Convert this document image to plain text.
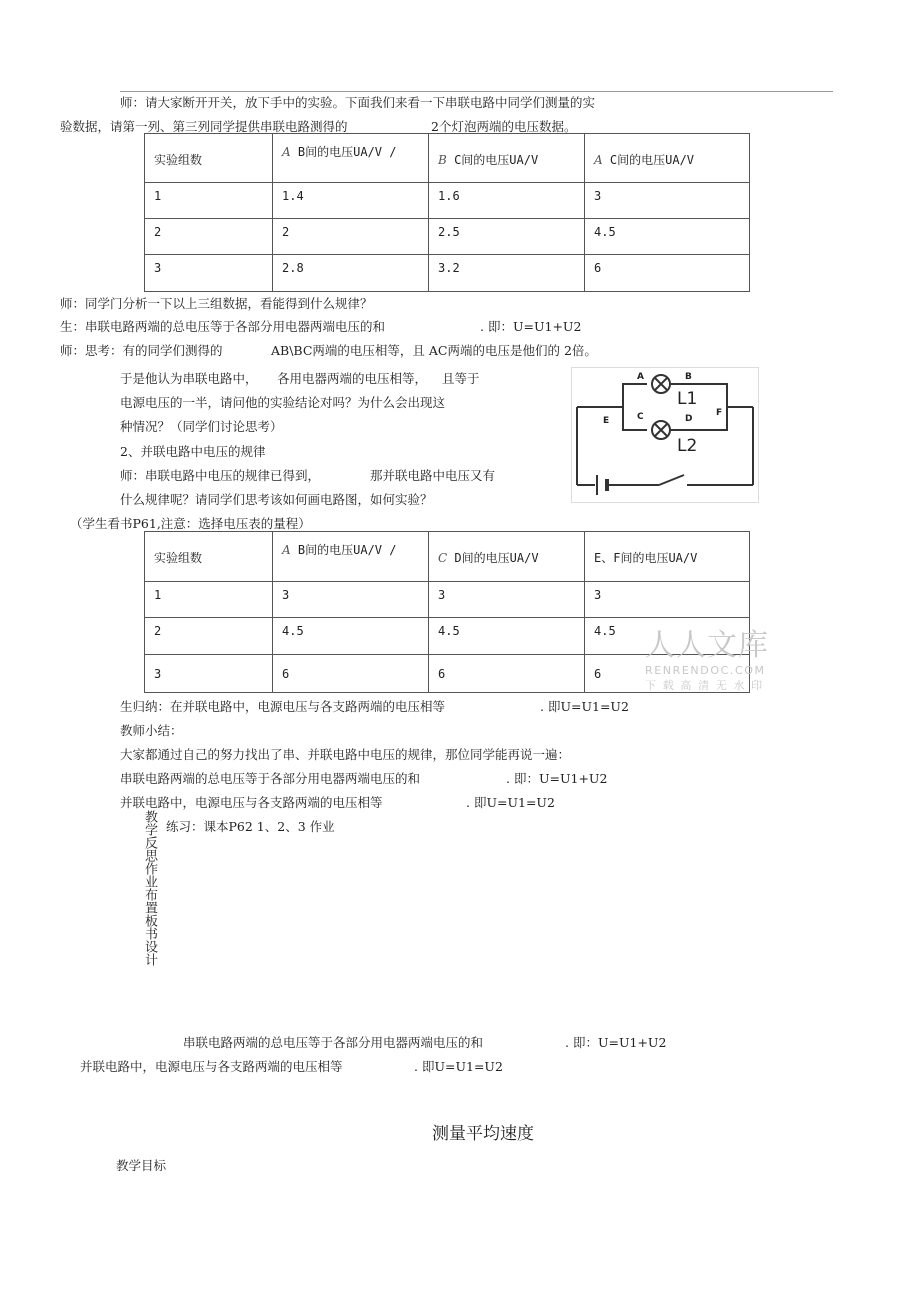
师：请大家断开开关，放下手中的实验。下面我们来看一下串联电路中同学们测量的实
验数据，请第一列、第三列同学提供串联电路测得的	2个灯泡两端的电压数据。
实验组数	A B间的电压UA/V /	B C间的电压UA/V	A C间的电压UA/V
1	1.4	1.6	3
2	2	2.5	4.5
3	2.8	3.2	6
师：同学门分析一下以上三组数据，看能得到什么规律？
生：串联电路两端的总电压等于各部分用电器两端电压的和	. 即：U=U1+U2
师：思考：有的同学们测得的	AB\BC两端的电压相等，且 AC两端的电压是他们的 2倍。
于是他认为串联电路中， 各用电器两端的电压相等， 且等于
电源电压的一半，请问他的实验结论对吗？为什么会出现这
种情况？（同学们讨论思考）
2、并联电路中电压的规律
师：串联电路中电压的规律已得到，	那并联电路中电压又有
什么规律呢？请同学们思考该如何画电路图，如何实验？
（学生看书P61,注意：选择电压表的量程）
A	B
C	D
E
F
L1
L2
实验组数	A B间的电压UA/V /	C D间的电压UA/V	E、F间的电压UA/V
1	3	3	3
2	4.5	4.5	4.5
3	6	6	6
人人文库
RENRENDOC.COM
下 载 高 清 无 水 印
生归纳：在并联电路中，电源电压与各支路两端的电压相等	. 即U=U1=U2
教师小结：
大家都通过自己的努力找出了串、并联电路中电压的规律，那位同学能再说一遍：
串联电路两端的总电压等于各部分用电器两端电压的和	. 即：U=U1+U2
并联电路中，电源电压与各支路两端的电压相等	. 即U=U1=U2
练习：课本P62 1、2、3 作业
教学反思作业布置板书设计
串联电路两端的总电压等于各部分用电器两端电压的和	. 即：U=U1+U2
并联电路中，电源电压与各支路两端的电压相等	. 即U=U1=U2
测量平均速度
教学目标
